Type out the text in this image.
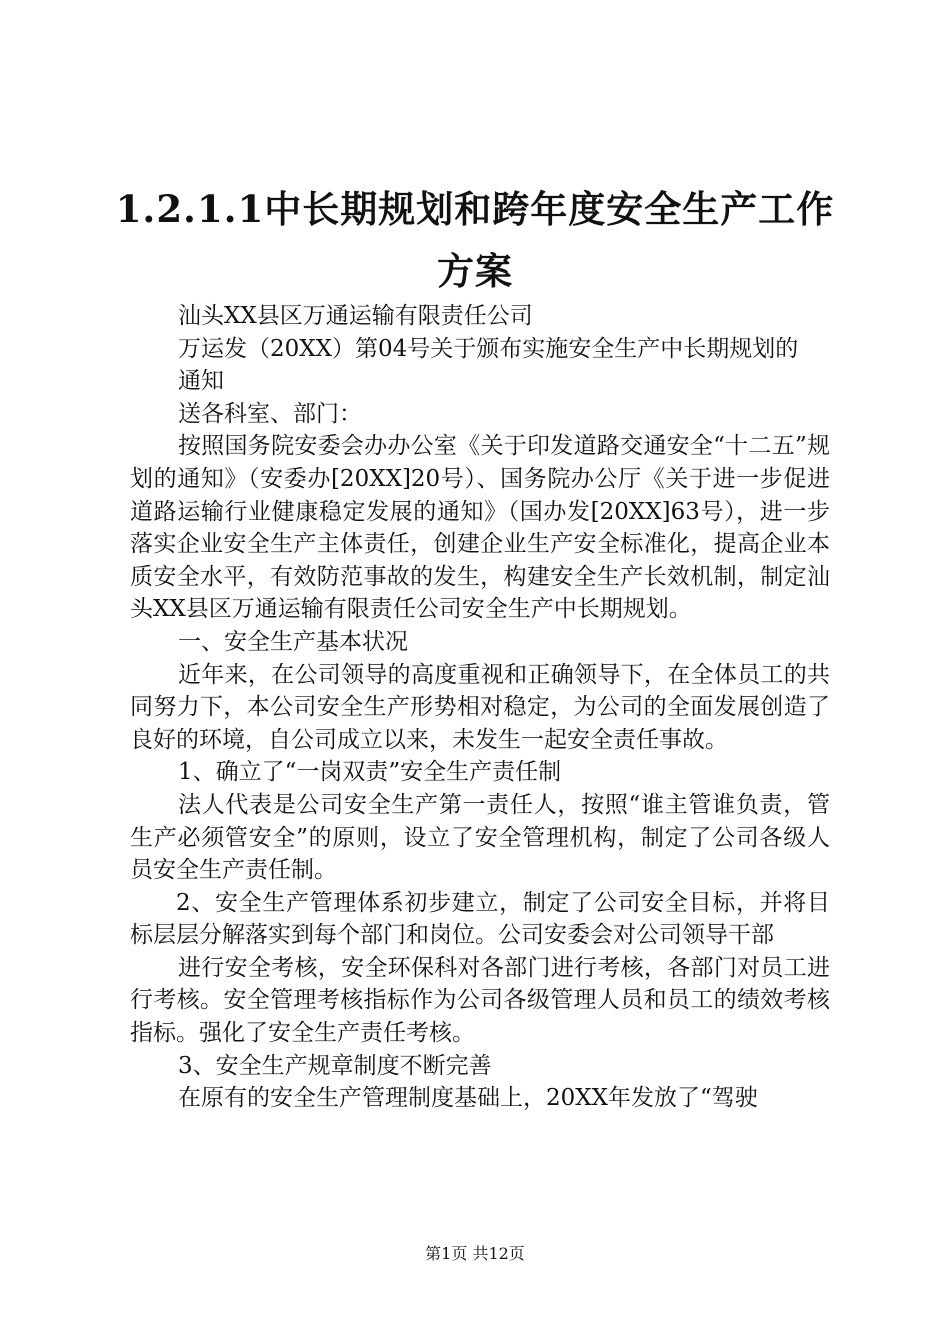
1.2.1.1中长期规划和跨年度安全生产工作方案

汕头XX县区万通运输有限责任公司

万运发（20XX）第04号关于颁布实施安全生产中长期规划的

通知

送各科室、部门：

按照国务院安委会办办公室《关于印发道路交通安全“十二五”规划的通知》（安委办[20XX]20号）、国务院办公厅《关于进一步促进道路运输行业健康稳定发展的通知》（国办发[20XX]63号），进一步落实企业安全生产主体责任，创建企业生产安全标准化，提高企业本质安全水平，有效防范事故的发生，构建安全生产长效机制，制定汕头XX县区万通运输有限责任公司安全生产中长期规划。

一、安全生产基本状况

近年来，在公司领导的高度重视和正确领导下，在全体员工的共同努力下，本公司安全生产形势相对稳定，为公司的全面发展创造了良好的环境，自公司成立以来，未发生一起安全责任事故。

1、确立了“一岗双责”安全生产责任制

法人代表是公司安全生产第一责任人，按照“谁主管谁负责，管生产必须管安全”的原则，设立了安全管理机构，制定了公司各级人员安全生产责任制。

2、安全生产管理体系初步建立，制定了公司安全目标，并将目标层层分解落实到每个部门和岗位。公司安委会对公司领导干部

进行安全考核，安全环保科对各部门进行考核，各部门对员工进行考核。安全管理考核指标作为公司各级管理人员和员工的绩效考核指标。强化了安全生产责任考核。

3、安全生产规章制度不断完善

在原有的安全生产管理制度基础上，20XX年发放了“驾驶

第1页 共12页
